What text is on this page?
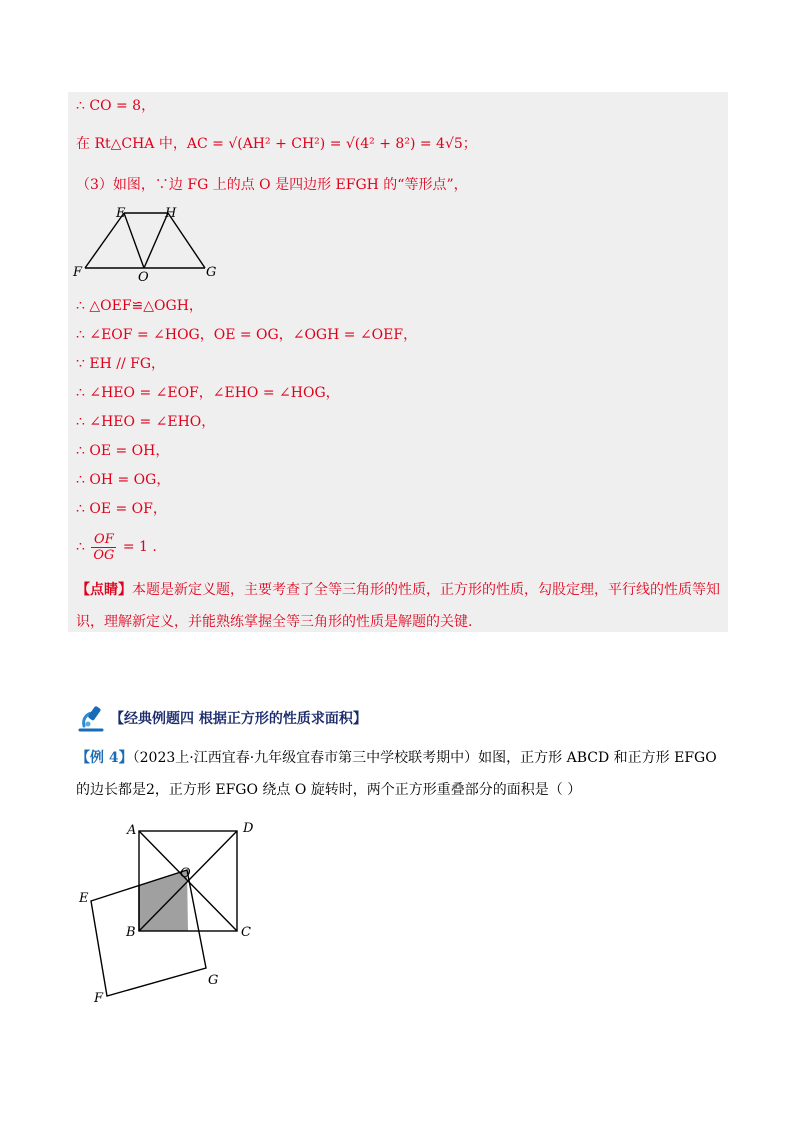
∴ CO = 8，
在 Rt△CHA 中，AC = √(AH² + CH²) = √(4² + 8²) = 4√5；
（3）如图，∵边 FG 上的点 O 是四边形 EFGH 的“等形点”，
E	H
F	O	G
∴ △OEF≌△OGH，
∴ ∠EOF = ∠HOG，OE = OG，∠OGH = ∠OEF，
∵ EH // FG，
∴ ∠HEO = ∠EOF，∠EHO = ∠HOG，
∴ ∠HEO = ∠EHO，
∴ OE = OH，
∴ OH = OG，
∴ OE = OF，
∴ $\frac{OF}{OG} = 1$ .
【点睛】本题是新定义题，主要考查了全等三角形的性质，正方形的性质，勾股定理，平行线的性质等知识，理解新定义，并能熟练掌握全等三角形的性质是解题的关键.
【经典例题四 根据正方形的性质求面积】
【例 4】（2023上·江西宜春·九年级宜春市第三中学校联考期中）如图，正方形 ABCD 和正方形 EFGO 的边长都是2，正方形 EFGO 绕点 O 旋转时，两个正方形重叠部分的面积是（ ）
A	D
O
E
B	C
F
G
